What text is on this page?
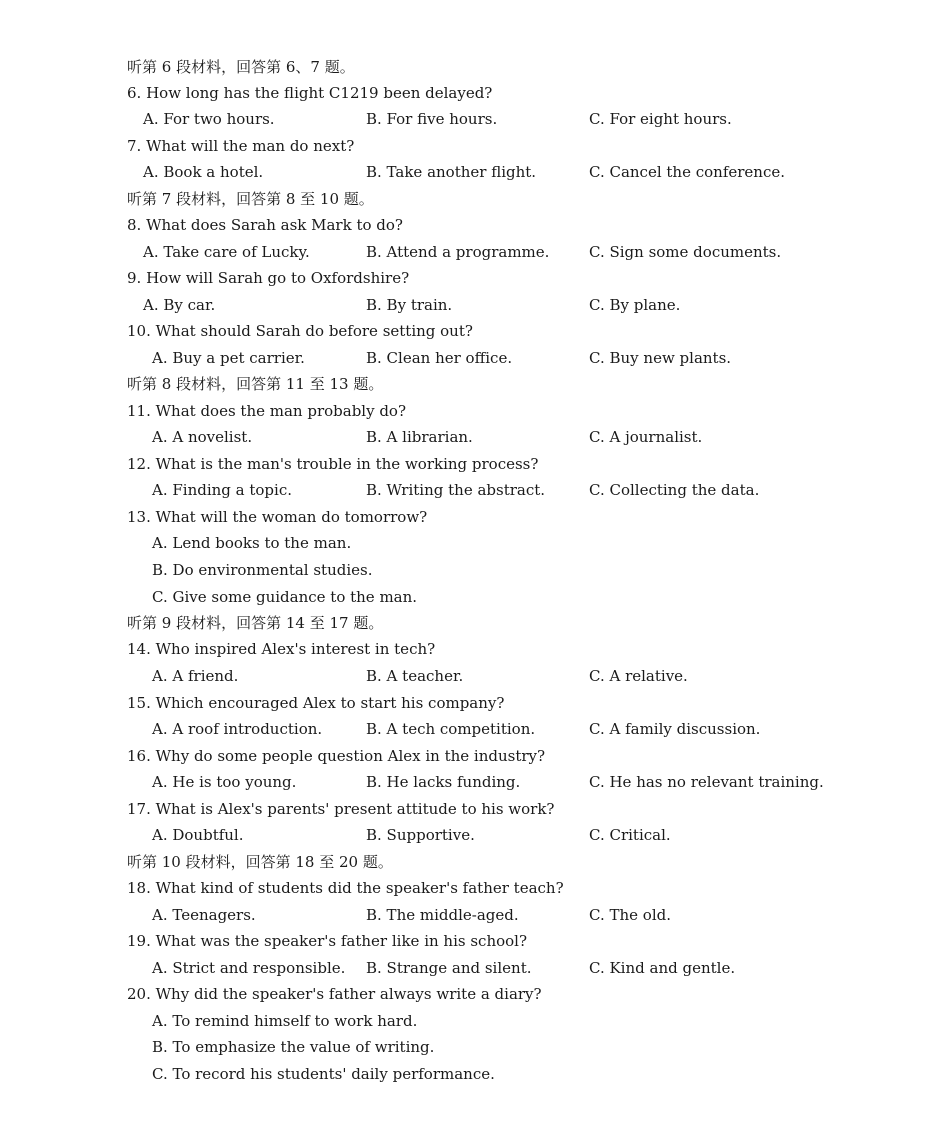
听第 6 段材料，回答第 6、7 题。
6. How long has the flight C1219 been delayed?
A. For two hours.	B. For five hours.	C. For eight hours.
7. What will the man do next?
A. Book a hotel.	B. Take another flight.	C. Cancel the conference.
听第 7 段材料，回答第 8 至 10 题。
8. What does Sarah ask Mark to do?
A. Take care of Lucky.	B. Attend a programme.	C. Sign some documents.
9. How will Sarah go to Oxfordshire?
A. By car.	B. By train.	C. By plane.
10. What should Sarah do before setting out?
A. Buy a pet carrier.	B. Clean her office.	C. Buy new plants.
听第 8 段材料，回答第 11 至 13 题。
11. What does the man probably do?
A. A novelist.	B. A librarian.	C. A journalist.
12. What is the man's trouble in the working process?
A. Finding a topic.	B. Writing the abstract.	C. Collecting the data.
13. What will the woman do tomorrow?
A. Lend books to the man.
B. Do environmental studies.
C. Give some guidance to the man.
听第 9 段材料，回答第 14 至 17 题。
14. Who inspired Alex's interest in tech?
A. A friend.	B. A teacher.	C. A relative.
15. Which encouraged Alex to start his company?
A. A roof introduction.	B. A tech competition.	C. A family discussion.
16. Why do some people question Alex in the industry?
A. He is too young.	B. He lacks funding.	C. He has no relevant training.
17. What is Alex's parents' present attitude to his work?
A. Doubtful.	B. Supportive.	C. Critical.
听第 10 段材料，回答第 18 至 20 题。
18. What kind of students did the speaker's father teach?
A. Teenagers.	B. The middle-aged.	C. The old.
19. What was the speaker's father like in his school?
A. Strict and responsible. B. Strange and silent.	C. Kind and gentle.
20. Why did the speaker's father always write a diary?
A. To remind himself to work hard.
B. To emphasize the value of writing.
C. To record his students' daily performance.
